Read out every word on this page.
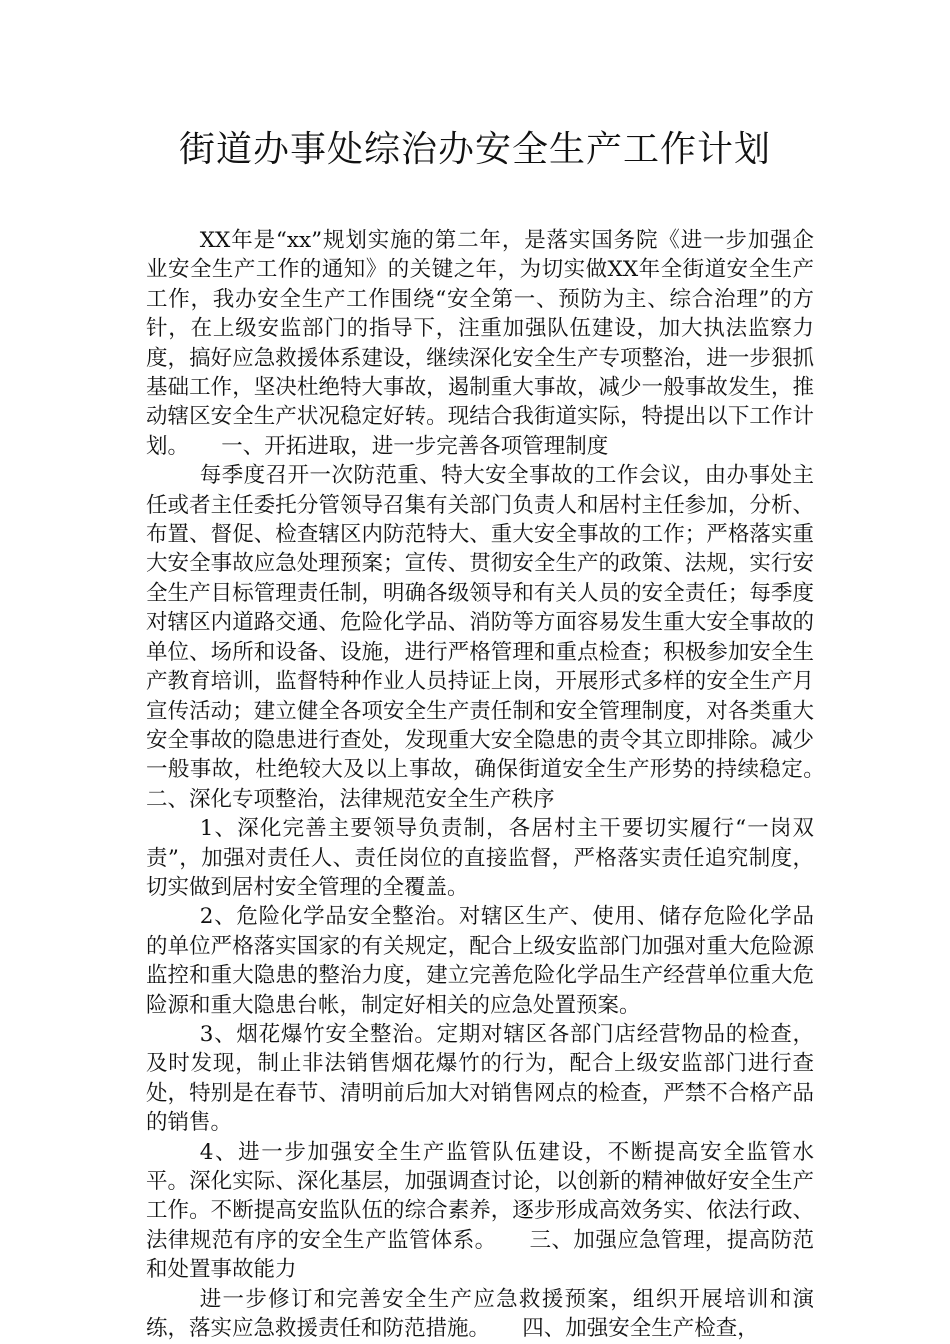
街道办事处综治办安全生产工作计划

XX年是“xx”规划实施的第二年，是落实国务院《进一步加强企业安全生产工作的通知》的关键之年，为切实做XX年全街道安全生产工作，我办安全生产工作围绕“安全第一、预防为主、综合治理”的方针，在上级安监部门的指导下，注重加强队伍建设，加大执法监察力度，搞好应急救援体系建设，继续深化安全生产专项整治，进一步狠抓基础工作，坚决杜绝特大事故，遏制重大事故，减少一般事故发生，推动辖区安全生产状况稳定好转。现结合我街道实际，特提出以下工作计划。　　一、开拓进取，进一步完善各项管理制度

每季度召开一次防范重、特大安全事故的工作会议，由办事处主任或者主任委托分管领导召集有关部门负责人和居村主任参加，分析、布置、督促、检查辖区内防范特大、重大安全事故的工作；严格落实重大安全事故应急处理预案；宣传、贯彻安全生产的政策、法规，实行安全生产目标管理责任制，明确各级领导和有关人员的安全责任；每季度对辖区内道路交通、危险化学品、消防等方面容易发生重大安全事故的单位、场所和设备、设施，进行严格管理和重点检查；积极参加安全生产教育培训，监督特种作业人员持证上岗，开展形式多样的安全生产月宣传活动；建立健全各项安全生产责任制和安全管理制度，对各类重大安全事故的隐患进行查处，发现重大安全隐患的责令其立即排除。减少一般事故，杜绝较大及以上事故，确保街道安全生产形势的持续稳定。　　二、深化专项整治，法律规范安全生产秩序

1、深化完善主要领导负责制，各居村主干要切实履行“一岗双责”，加强对责任人、责任岗位的直接监督，严格落实责任追究制度，切实做到居村安全管理的全覆盖。

2、危险化学品安全整治。对辖区生产、使用、储存危险化学品的单位严格落实国家的有关规定，配合上级安监部门加强对重大危险源监控和重大隐患的整治力度，建立完善危险化学品生产经营单位重大危险源和重大隐患台帐，制定好相关的应急处置预案。

3、烟花爆竹安全整治。定期对辖区各部门店经营物品的检查，及时发现，制止非法销售烟花爆竹的行为，配合上级安监部门进行查处，特别是在春节、清明前后加大对销售网点的检查，严禁不合格产品的销售。

4、进一步加强安全生产监管队伍建设，不断提高安全监管水平。深化实际、深化基层，加强调查讨论，以创新的精神做好安全生产工作。不断提高安监队伍的综合素养，逐步形成高效务实、依法行政、法律规范有序的安全生产监管体系。　　三、加强应急管理，提高防范和处置事故能力

进一步修订和完善安全生产应急救援预案，组织开展培训和演练，落实应急救援责任和防范措施。　　四、加强安全生产检查，
